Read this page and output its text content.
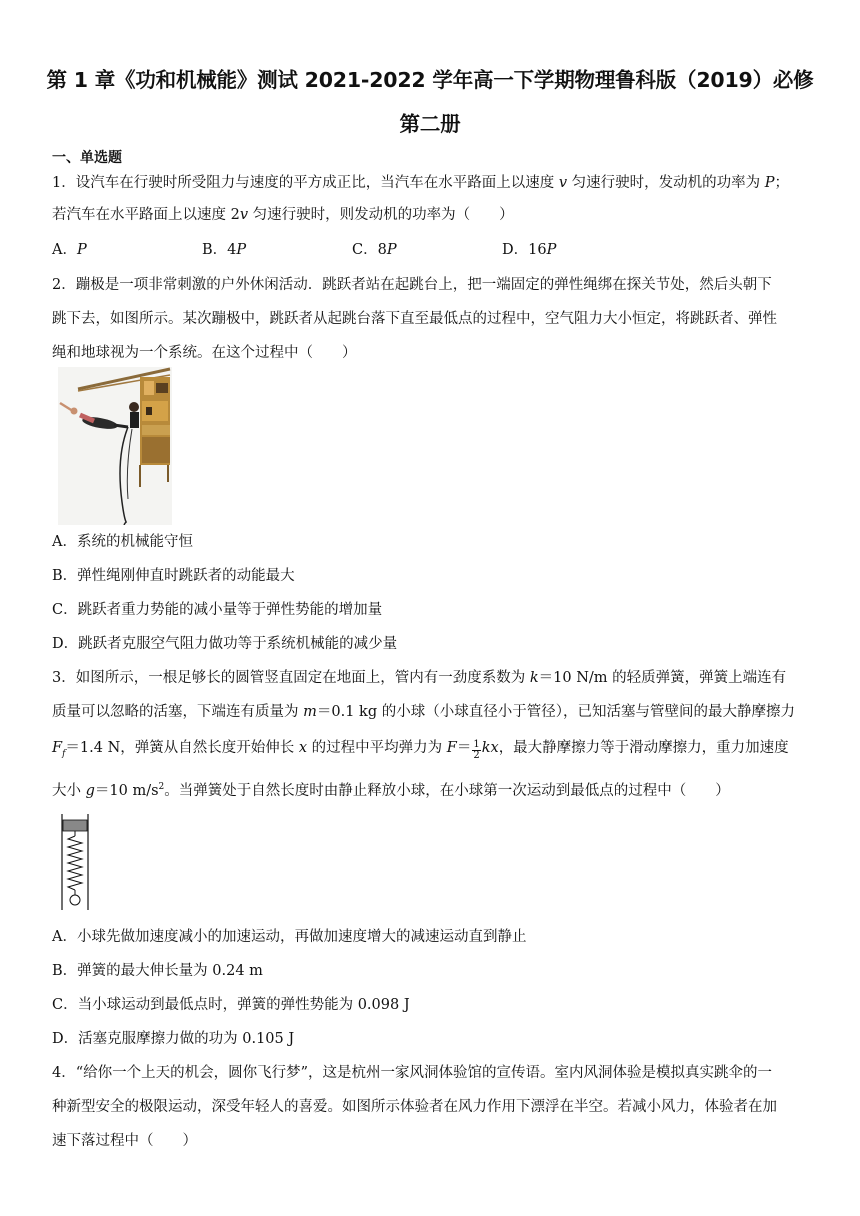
第 1 章《功和机械能》测试 2021-2022 学年高一下学期物理鲁科版（2019）必修
第二册
一、单选题
1．设汽车在行驶时所受阻力与速度的平方成正比，当汽车在水平路面上以速度 v 匀速行驶时，发动机的功率为 P；
若汽车在水平路面上以速度 2v 匀速行驶时，则发动机的功率为（　　）
A．P	B．4P	C．8P	D．16P
2．蹦极是一项非常刺激的户外休闲活动．跳跃者站在起跳台上，把一端固定的弹性绳绑在探关节处，然后头朝下
跳下去，如图所示。某次蹦极中，跳跃者从起跳台落下直至最低点的过程中，空气阻力大小恒定，将跳跃者、弹性
绳和地球视为一个系统。在这个过程中（　　）
A．系统的机械能守恒
B．弹性绳刚伸直时跳跃者的动能最大
C．跳跃者重力势能的减小量等于弹性势能的增加量
D．跳跃者克服空气阻力做功等于系统机械能的减少量
3．如图所示，一根足够长的圆管竖直固定在地面上，管内有一劲度系数为 k＝10 N/m 的轻质弹簧，弹簧上端连有
质量可以忽略的活塞，下端连有质量为 m＝0.1 kg 的小球（小球直径小于管径），已知活塞与管壁间的最大静摩擦力
$F_f=1.4$ N，弹簧从自然长度开始伸长 x 的过程中平均弹力为 $F= \frac{1}{2}$ kx，最大静摩擦力等于滑动摩擦力，重力加速度
大小 g＝10 $m/s^2$。当弹簧处于自然长度时由静止释放小球，在小球第一次运动到最低点的过程中（　　）
A．小球先做加速度减小的加速运动，再做加速度增大的减速运动直到静止
B．弹簧的最大伸长量为 0.24 m
C．当小球运动到最低点时，弹簧的弹性势能为 0.098 J
D．活塞克服摩擦力做的功为 0.105 J
4．“给你一个上天的机会，圆你飞行梦”，这是杭州一家风洞体验馆的宣传语。室内风洞体验是模拟真实跳伞的一
种新型安全的极限运动，深受年轻人的喜爱。如图所示体验者在风力作用下漂浮在半空。若减小风力，体验者在加
速下落过程中（　　）
